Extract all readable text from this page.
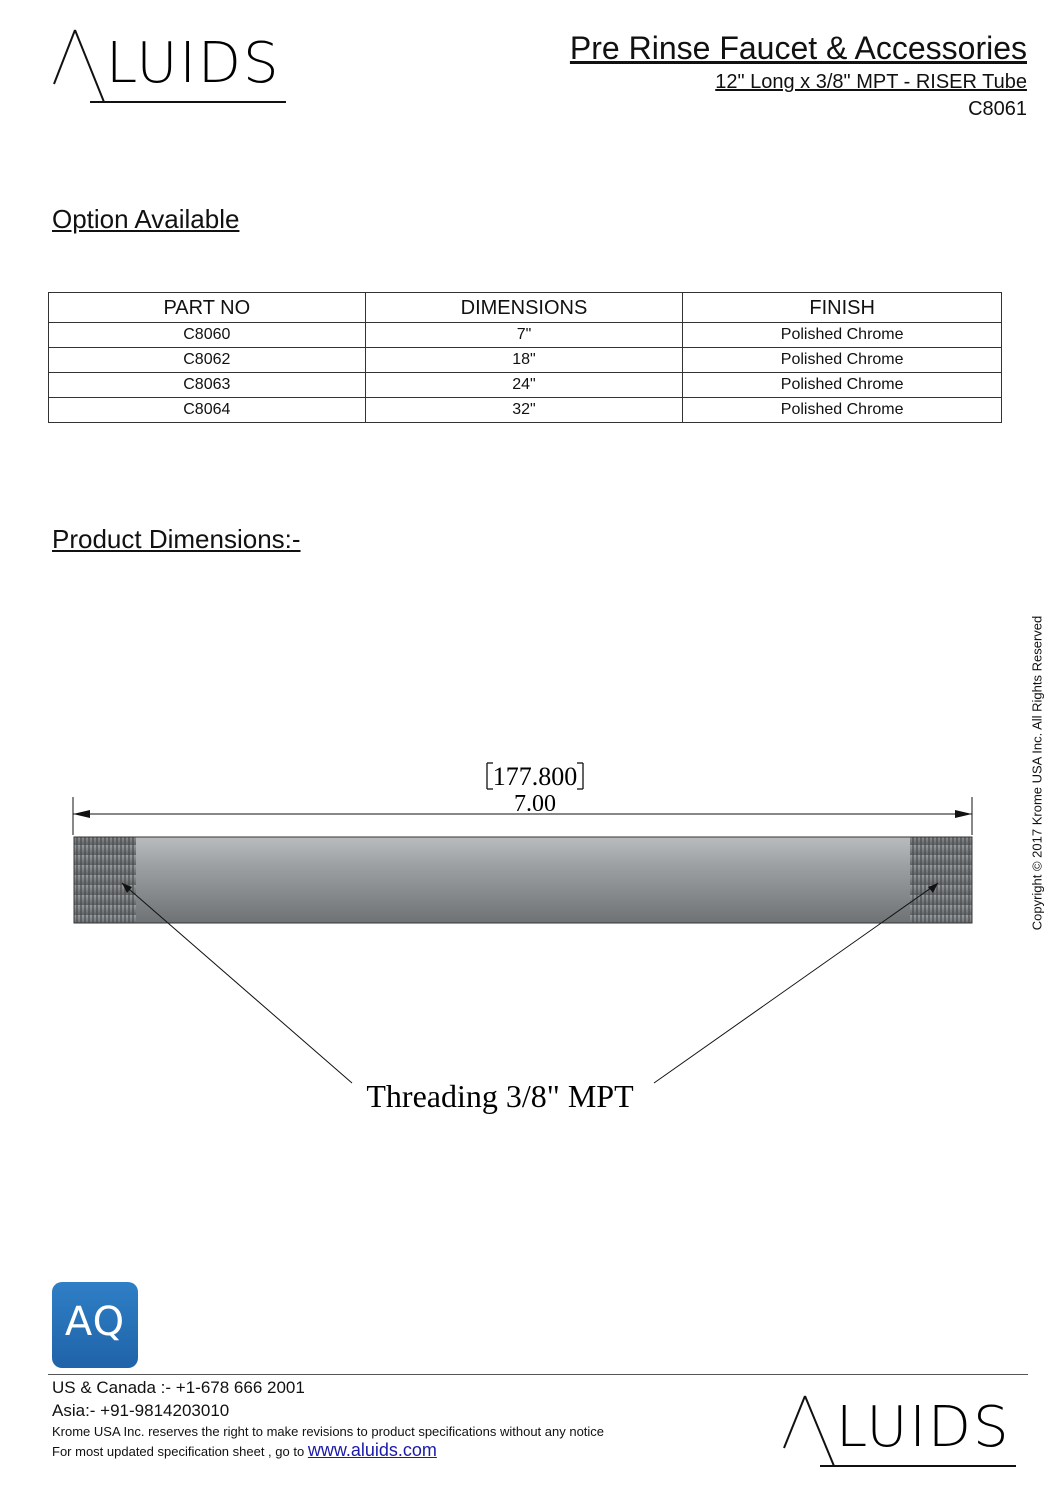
LUIDS	Pre Rinse Faucet & Accessories
12" Long x 3/8" MPT - RISER Tube
C8061
Option Available
PART NO	DIMENSIONS	FINISH
C8060	7"	Polished Chrome
C8062	18"	Polished Chrome
C8063	24"	Polished Chrome
C8064	32"	Polished Chrome
Product Dimensions:-
177.800
7.00
Threading 3/8" MPT
Copyright © 2017 Krome USA Inc. All Rights Reserved
AQ
US & Canada :- +1-678 666 2001
Asia:- +91-9814203010
Krome USA Inc. reserves the right to make revisions to product specifications without any notice
For most updated specification sheet , go to www.aluids.com	LUIDS
